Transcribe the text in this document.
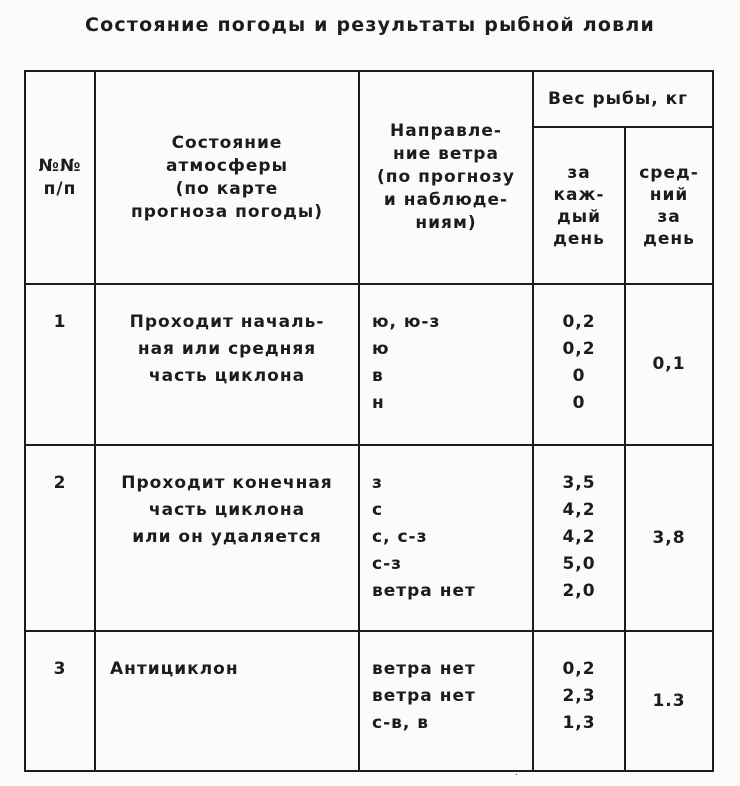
Состояние погоды и результаты рыбной ловли
№№
п/п	Состояние
атмосферы
(по карте
прогноза погоды)	Направле-
ние ветра
(по прогнозу
и наблюде-
ниям)	Вес рыбы, кг	
			за
каж-
дый
день	сред-
ний
за
день
1	Проходит началь-
ная или средняя
часть циклона	ю, ю-з
ю
в
н	0,2
0,2
0
0	0,1
2	Проходит конечная
часть циклона
или он удаляется	з
с
с, с-з
с-з
ветра нет	3,5
4,2
4,2
5,0
2,0	3,8
3	Антициклон	ветра нет
ветра нет
с-в, в	0,2
2,3
1,3	1.3
·
